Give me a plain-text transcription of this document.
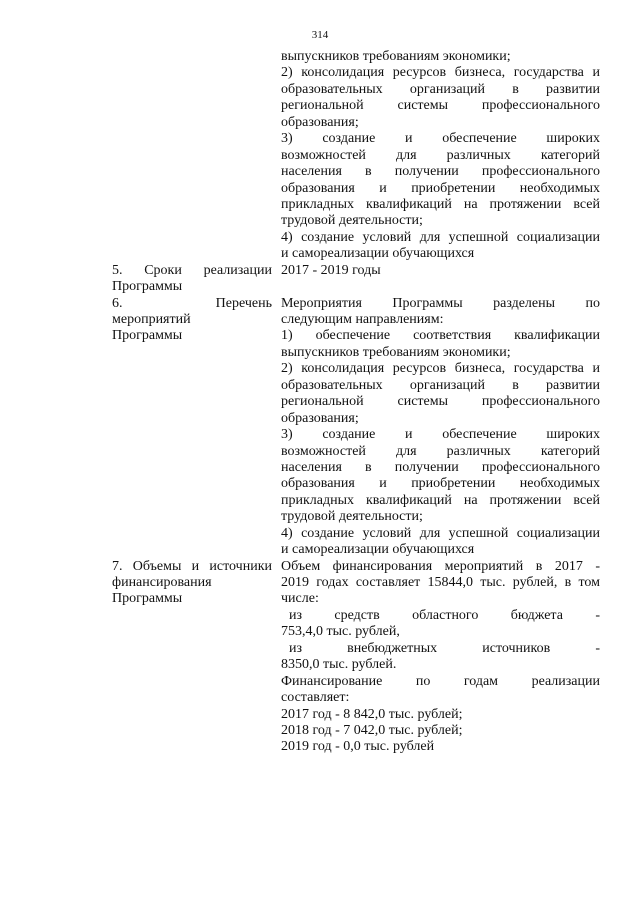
314
выпускников требованиям экономики;
2) консолидация ресурсов бизнеса, государства и
образовательных организаций в развитии
региональной системы профессионального
образования;
3) создание и обеспечение широких
возможностей для различных категорий
населения в получении профессионального
образования и приобретении необходимых
прикладных квалификаций на протяжении всей
трудовой деятельности;
4) создание условий для успешной социализации
и самореализации обучающихся
5. Сроки реализации
Программы
2017 - 2019 годы
6. Перечень
мероприятий
Программы
Мероприятия Программы разделены по
следующим направлениям:
1) обеспечение соответствия квалификации
выпускников требованиям экономики;
2) консолидация ресурсов бизнеса, государства и
образовательных организаций в развитии
региональной системы профессионального
образования;
3) создание и обеспечение широких
возможностей для различных категорий
населения в получении профессионального
образования и приобретении необходимых
прикладных квалификаций на протяжении всей
трудовой деятельности;
4) создание условий для успешной социализации
и самореализации обучающихся
7. Объемы и источники
финансирования
Программы
Объем финансирования мероприятий в 2017 -
2019 годах составляет 15844,0 тыс. рублей, в том
числе:
из средств областного бюджета -
753,4,0 тыс. рублей,
из внебюджетных источников -
8350,0 тыс. рублей.
Финансирование по годам реализации
составляет:
2017 год - 8 842,0 тыс. рублей;
2018 год - 7 042,0 тыс. рублей;
2019 год - 0,0 тыс. рублей
